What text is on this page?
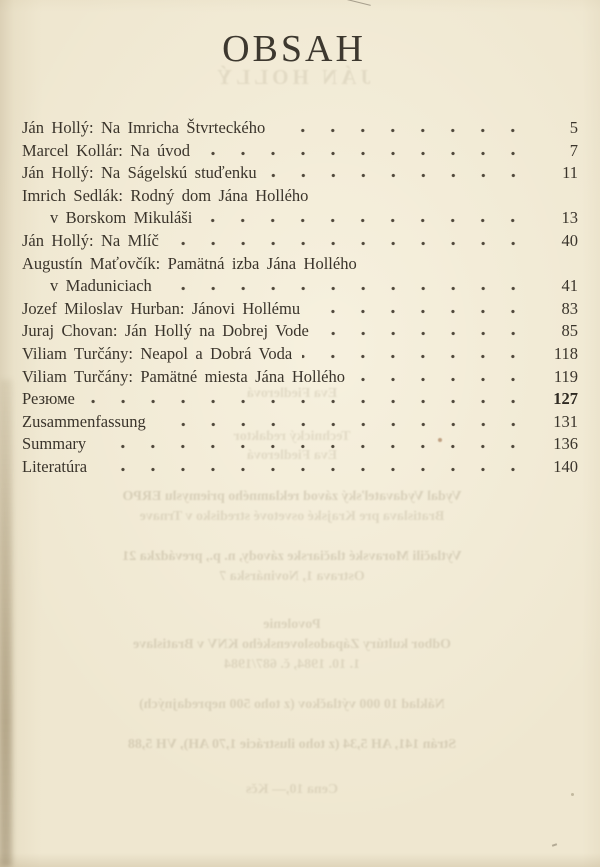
JÁN HOLLÝ
Eva Fiedlerová
Technický redaktor
Eva Fiedlerová
Vydal Vydavateľský závod reklamného priemyslu ERPO
Bratislava pre Krajské osvetové stredisko v Trnave
Vytlačili Moravské tlačiarske závody, n. p., prevádzka 21
Ostrava 1, Novinárska 7
Povolenie
Odbor kultúry Západoslovenského KNV v Bratislave
1. 10. 1984, č. 687/1984
Náklad 10 000 výtlačkov (z toho 500 nepredajných)
Strán 141, AH 5,34 (z toho ilustrácie 1,70 AH), VH 5,88
Cena 10,— Kčs
OBSAH
Ján Hollý: Na Imricha Štvrteckého	5
Marcel Kollár: Na úvod	7
Ján Hollý: Na Ságelskú stuďenku	11
Imrich Sedlák: Rodný dom Jána Hollého
v Borskom Mikuláši	13
Ján Hollý: Na Mlíč	40
Augustín Maťovčík: Pamätná izba Jána Hollého
v Maduniciach	41
Jozef Miloslav Hurban: Jánovi Hollému	83
Juraj Chovan: Ján Hollý na Dobrej Vode	85
Viliam Turčány: Neapol a Dobrá Voda	118
Viliam Turčány: Pamätné miesta Jána Hollého	119
Резюме	127
Zusammenfassung	131
Summary	136
Literatúra	140
